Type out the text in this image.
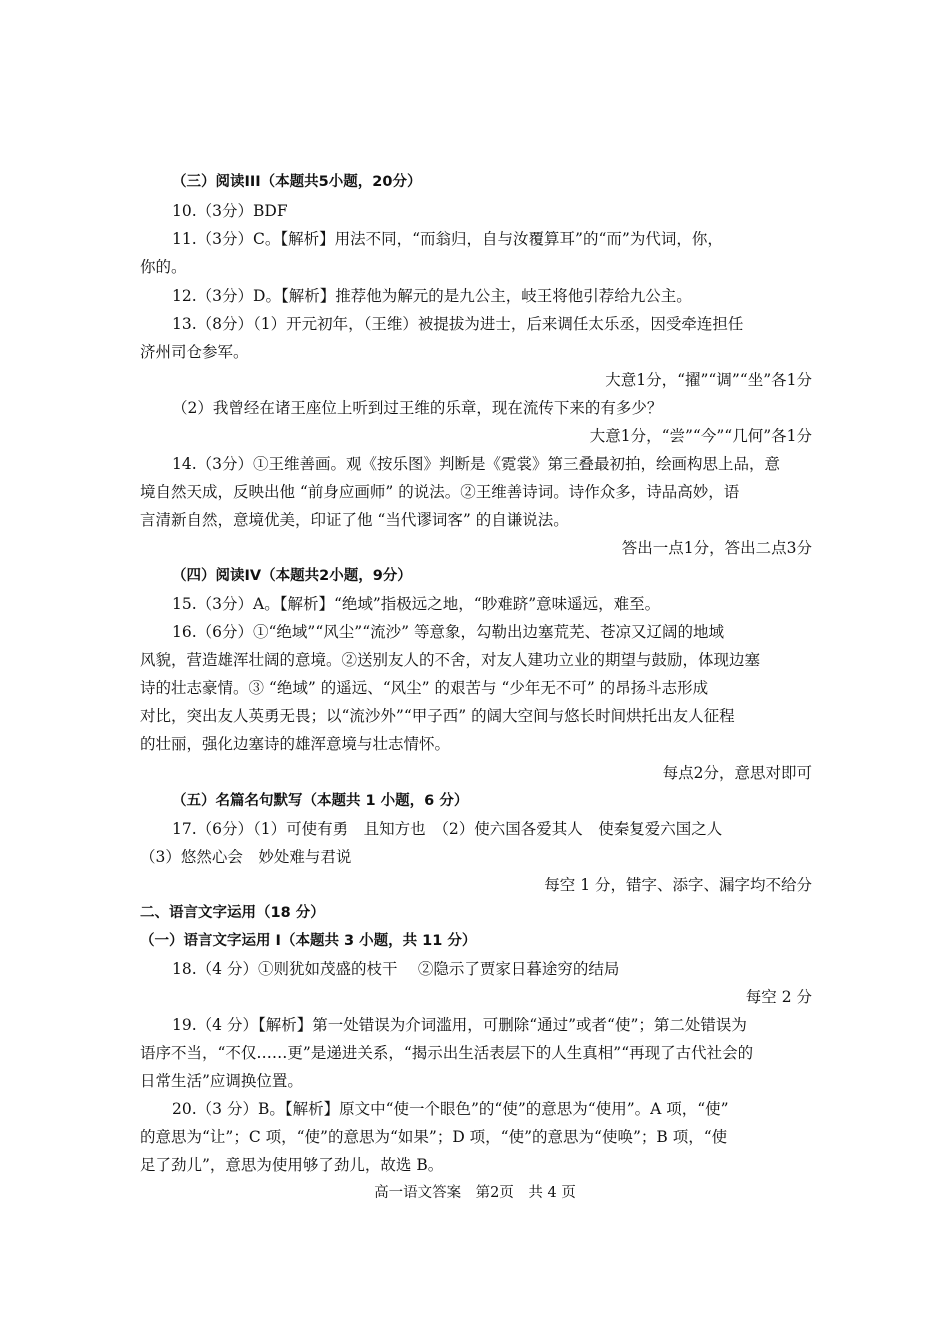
（三）阅读III（本题共5小题，20分）
10.（3分）BDF
11.（3分）C。【解析】用法不同，“而翁归，自与汝覆算耳”的“而”为代词，你，
你的。
12.（3分）D。【解析】推荐他为解元的是九公主，岐王将他引荐给九公主。
13.（8分）（1）开元初年，（王维）被提拔为进士，后来调任太乐丞，因受牵连担任
济州司仓参军。
大意1分，“擢”“调”“坐”各1分
（2）我曾经在诸王座位上听到过王维的乐章，现在流传下来的有多少？
大意1分，“尝”“今”“几何”各1分
14.（3分）①王维善画。观《按乐图》判断是《霓裳》第三叠最初拍，绘画构思上品，意
境自然天成，反映出他 “前身应画师” 的说法。②王维善诗词。诗作众多，诗品高妙，语
言清新自然，意境优美，印证了他 “当代谬词客” 的自谦说法。
答出一点1分，答出二点3分
（四）阅读IV（本题共2小题，9分）
15.（3分）A。【解析】“绝域”指极远之地，“眇难跻”意味遥远，难至。
16.（6分）①“绝域”“风尘”“流沙” 等意象，勾勒出边塞荒芜、苍凉又辽阔的地域
风貌，营造雄浑壮阔的意境。②送别友人的不舍，对友人建功立业的期望与鼓励，体现边塞
诗的壮志豪情。③ “绝域” 的遥远、“风尘” 的艰苦与 “少年无不可” 的昂扬斗志形成
对比，突出友人英勇无畏；以“流沙外”“甲子西” 的阔大空间与悠长时间烘托出友人征程
的壮丽，强化边塞诗的雄浑意境与壮志情怀。
每点2分，意思对即可
（五）名篇名句默写（本题共 1 小题，6 分）
17.（6分）（1）可使有勇　且知方也　（2）使六国各爱其人　使秦复爱六国之人
（3）悠然心会　妙处难与君说
每空 1 分，错字、添字、漏字均不给分
二、语言文字运用（18 分）
（一）语言文字运用 I（本题共 3 小题，共 11 分）
18.（4 分）①则犹如茂盛的枝干　 ②隐示了贾家日暮途穷的结局
每空 2 分
19.（4 分）【解析】第一处错误为介词滥用，可删除“通过”或者“使”；第二处错误为
语序不当，“不仅……更”是递进关系，“揭示出生活表层下的人生真相”“再现了古代社会的
日常生活”应调换位置。
20.（3 分）B。【解析】原文中“使一个眼色”的“使”的意思为“使用”。A 项，“使”
的意思为“让”；C 项，“使”的意思为“如果”；D 项，“使”的意思为“使唤”；B 项，“使
足了劲儿”，意思为使用够了劲儿，故选 B。
高一语文答案　第2页　共 4 页
